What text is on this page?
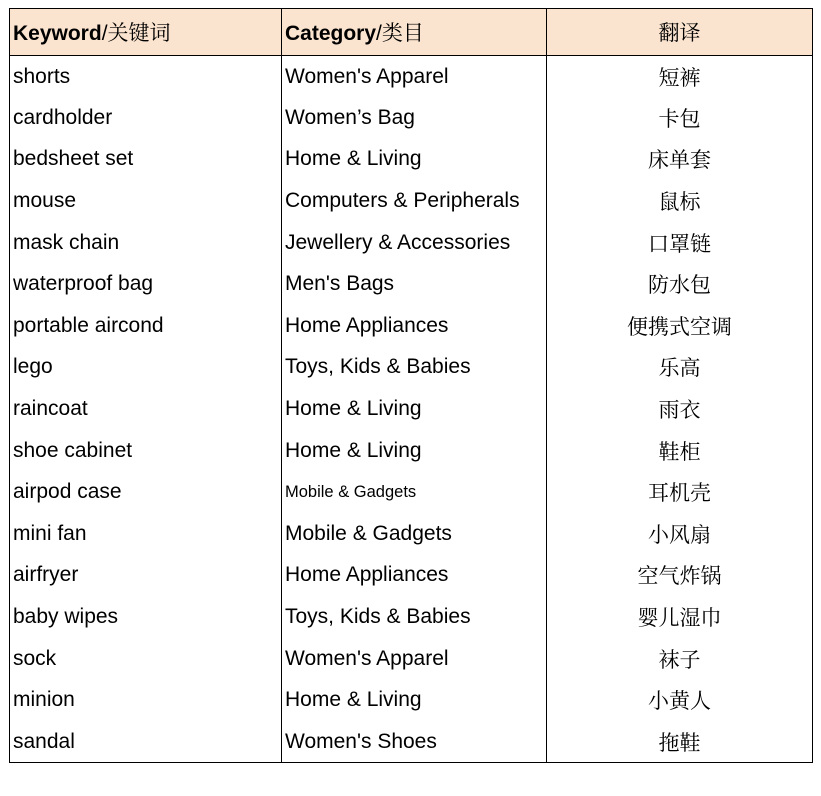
Keyword/关键词	Category/类目	翻译
shorts	Women's Apparel	短裤
cardholder	Women’s Bag	卡包
bedsheet set	Home & Living	床单套
mouse	Computers & Peripherals	鼠标
mask chain	Jewellery & Accessories	口罩链
waterproof bag	Men's Bags	防水包
portable aircond	Home Appliances	便携式空调
lego	Toys, Kids & Babies	乐高
raincoat	Home & Living	雨衣
shoe cabinet	Home & Living	鞋柜
airpod case	Mobile & Gadgets	耳机壳
mini fan	Mobile & Gadgets	小风扇
airfryer	Home Appliances	空气炸锅
baby wipes	Toys, Kids & Babies	婴儿湿巾
sock	Women's Apparel	袜子
minion	Home & Living	小黄人
sandal	Women's Shoes	拖鞋
